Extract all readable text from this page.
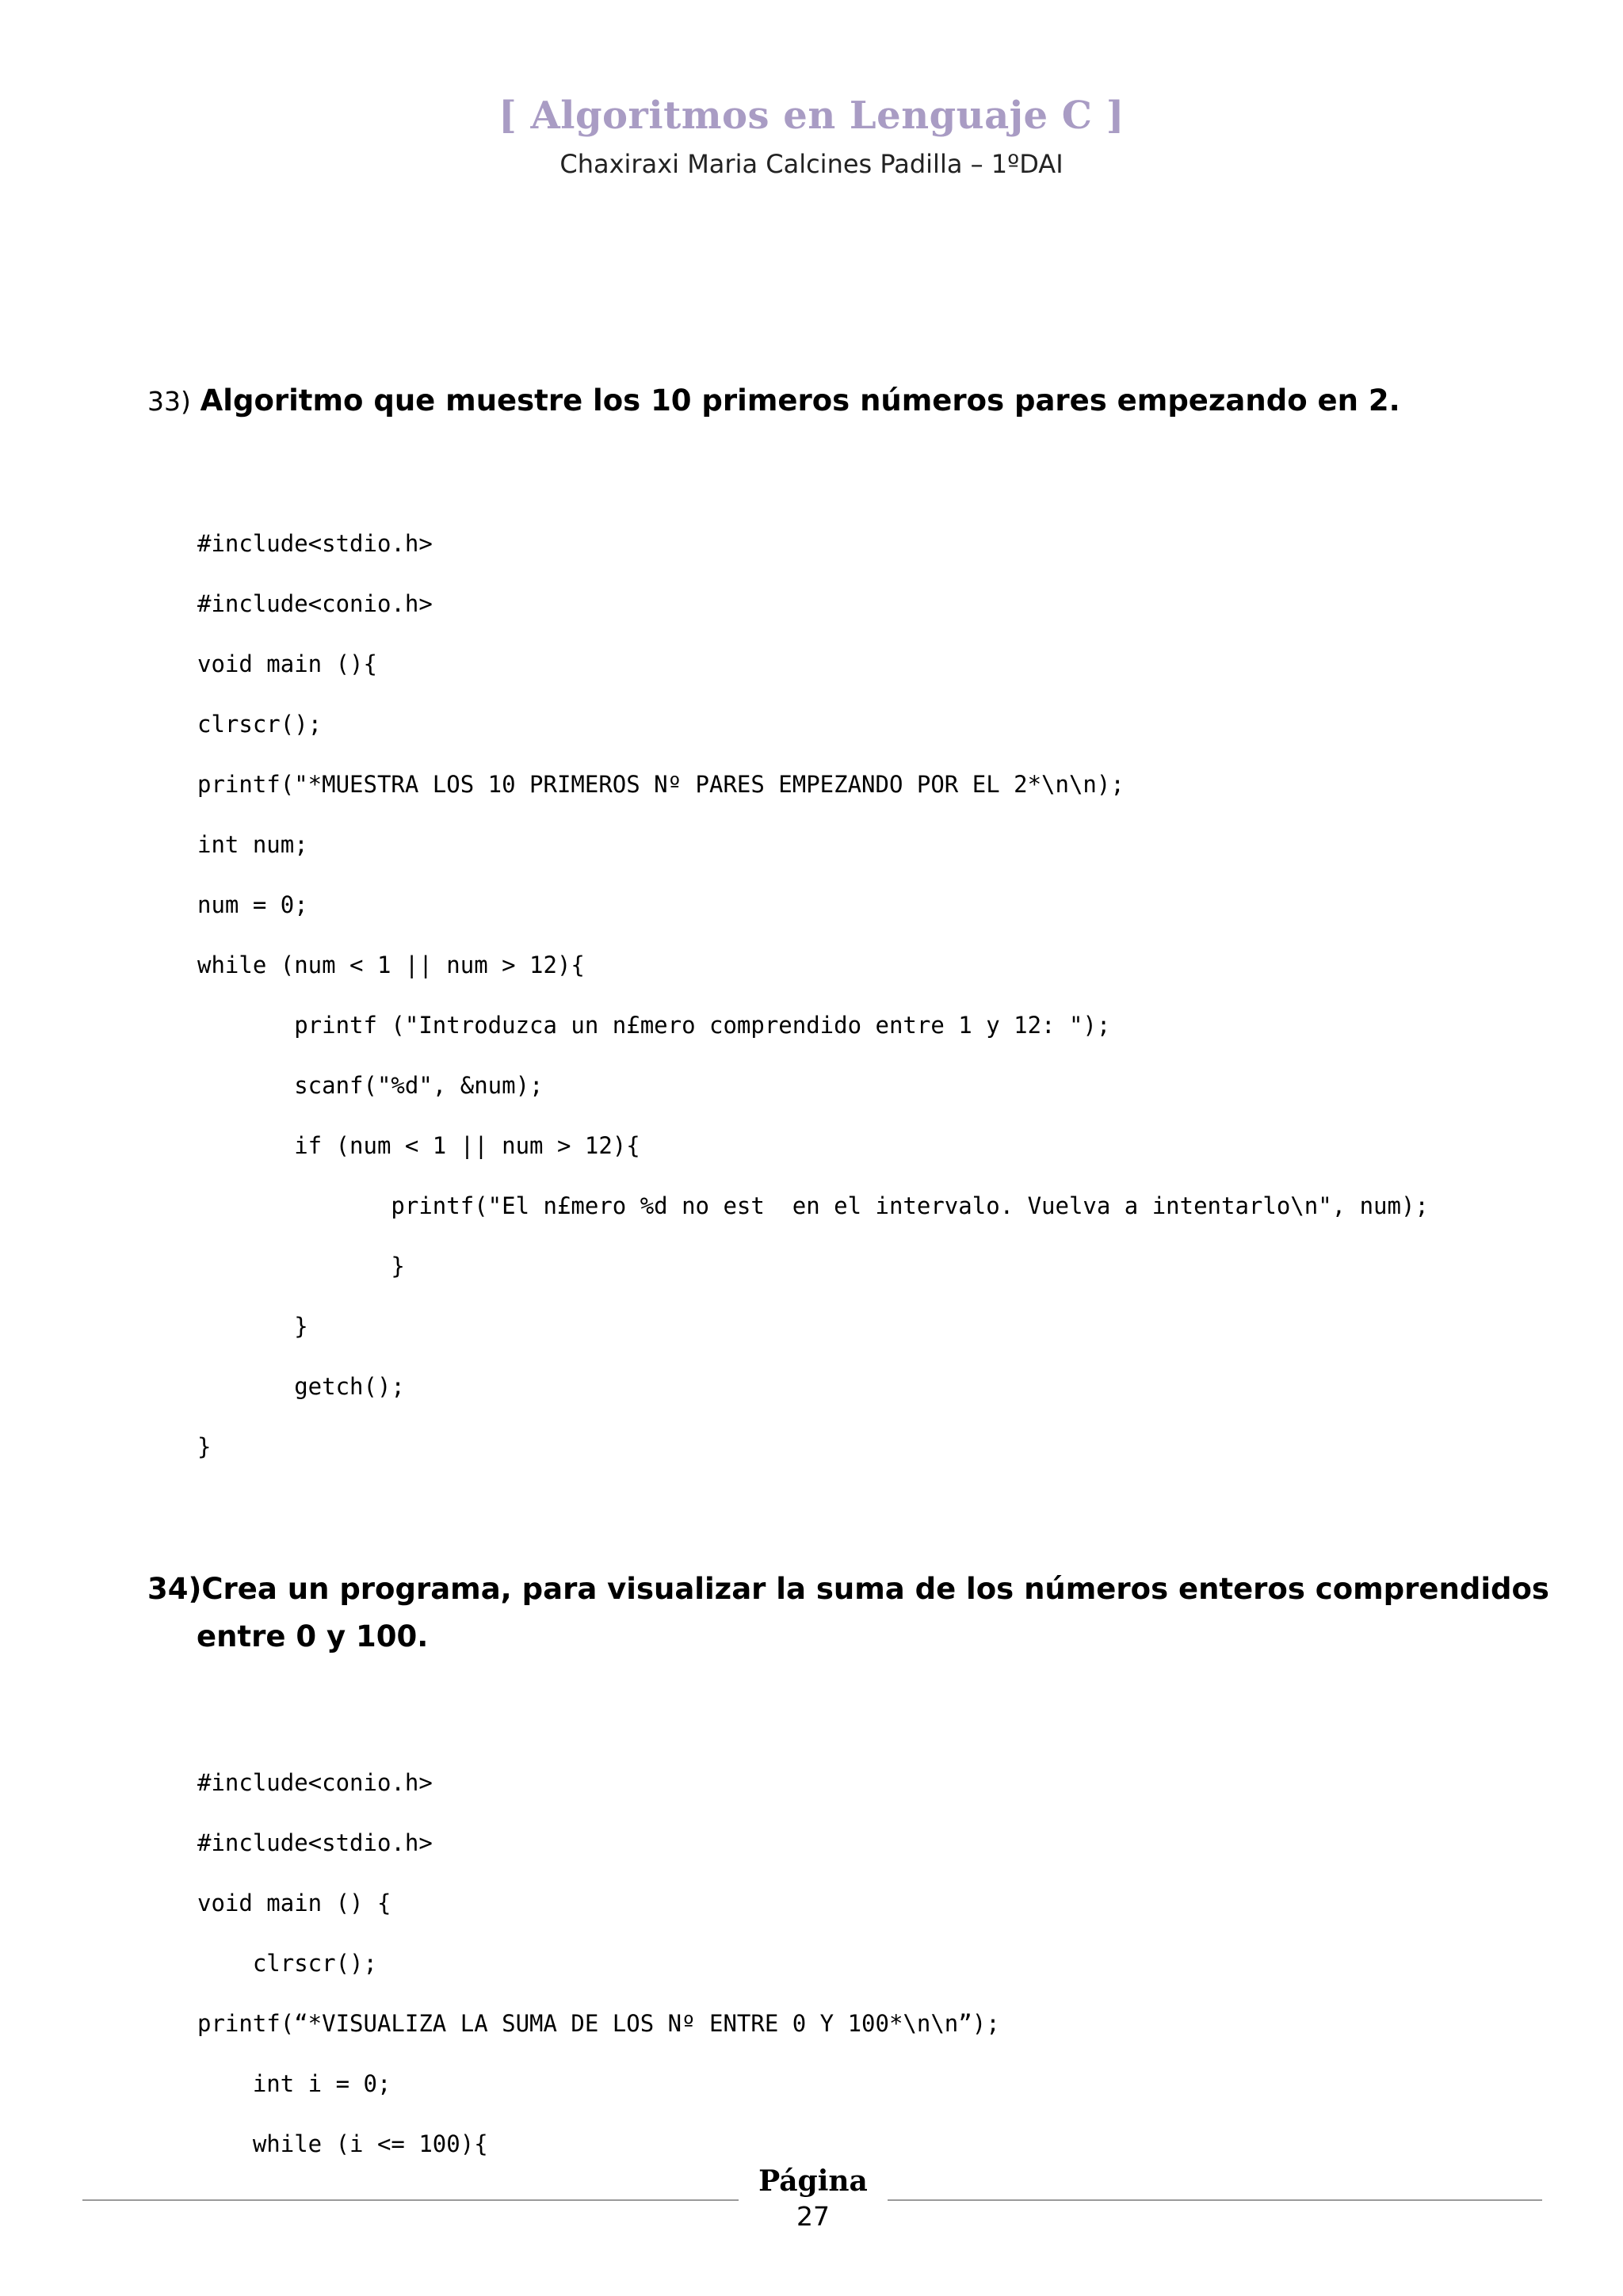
[ Algoritmos en Lenguaje C ]
Chaxiraxi Maria Calcines Padilla – 1ºDAI
33) Algoritmo que muestre los 10 primeros números pares empezando en 2.
#include<stdio.h>
#include<conio.h>
void main (){
clrscr();
printf("*MUESTRA LOS 10 PRIMEROS Nº PARES EMPEZANDO POR EL 2*\n\n);
int num;
num = 0;
while (num < 1 || num > 12){
printf ("Introduzca un n£mero comprendido entre 1 y 12: ");
scanf("%d", &num);
if (num < 1 || num > 12){
printf("El n£mero %d no est  en el intervalo. Vuelva a intentarlo\n", num);
}
}
getch();
}
34)Crea un programa, para visualizar la suma de los números enteros comprendidos entre 0 y 100.
#include<conio.h>
#include<stdio.h>
void main () {
clrscr();
printf(“*VISUALIZA LA SUMA DE LOS Nº ENTRE 0 Y 100*\n\n”);
int i = 0;
while (i <= 100){
Página
27
